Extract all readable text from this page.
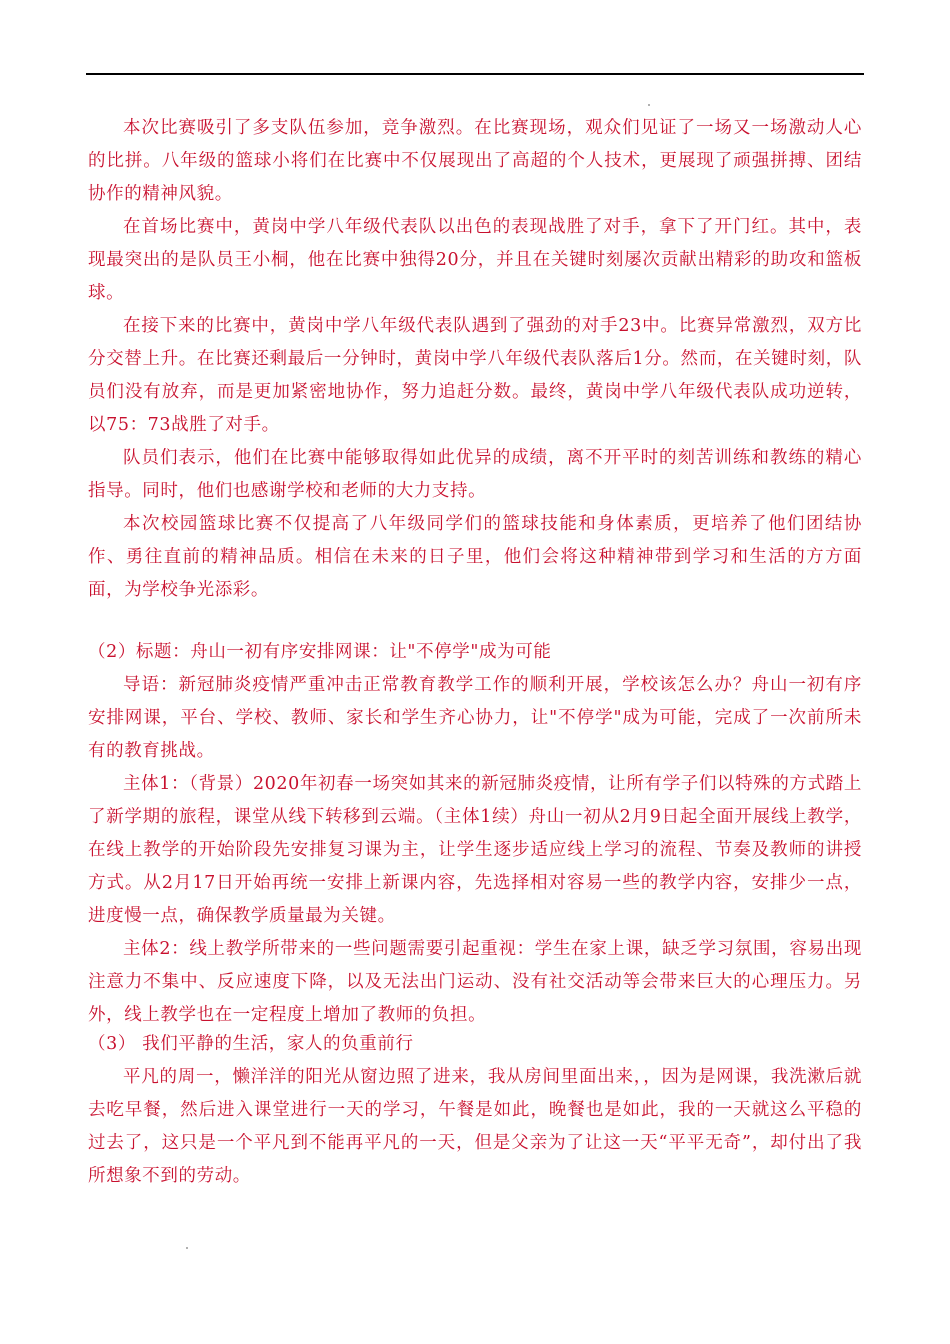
本次比赛吸引了多支队伍参加，竞争激烈。在比赛现场，观众们见证了一场又一场激动人心的比拼。八年级的篮球小将们在比赛中不仅展现出了高超的个人技术，更展现了顽强拼搏、团结协作的精神风貌。

在首场比赛中，黄岗中学八年级代表队以出色的表现战胜了对手，拿下了开门红。其中，表现最突出的是队员王小桐，他在比赛中独得20分，并且在关键时刻屡次贡献出精彩的助攻和篮板球。

在接下来的比赛中，黄岗中学八年级代表队遇到了强劲的对手23中。比赛异常激烈，双方比分交替上升。在比赛还剩最后一分钟时，黄岗中学八年级代表队落后1分。然而，在关键时刻，队员们没有放弃，而是更加紧密地协作，努力追赶分数。最终，黄岗中学八年级代表队成功逆转，以75：73战胜了对手。

队员们表示，他们在比赛中能够取得如此优异的成绩，离不开平时的刻苦训练和教练的精心指导。同时，他们也感谢学校和老师的大力支持。

本次校园篮球比赛不仅提高了八年级同学们的篮球技能和身体素质，更培养了他们团结协作、勇往直前的精神品质。相信在未来的日子里，他们会将这种精神带到学习和生活的方方面面，为学校争光添彩。

（2）标题：舟山一初有序安排网课：让"不停学"成为可能

导语：新冠肺炎疫情严重冲击正常教育教学工作的顺利开展，学校该怎么办？舟山一初有序安排网课，平台、学校、教师、家长和学生齐心协力，让"不停学"成为可能，完成了一次前所未有的教育挑战。

主体1：（背景）2020年初春一场突如其来的新冠肺炎疫情，让所有学子们以特殊的方式踏上了新学期的旅程，课堂从线下转移到云端。（主体1续）舟山一初从2月9日起全面开展线上教学，在线上教学的开始阶段先安排复习课为主，让学生逐步适应线上学习的流程、节奏及教师的讲授方式。从2月17日开始再统一安排上新课内容，先选择相对容易一些的教学内容，安排少一点，进度慢一点，确保教学质量最为关键。

主体2：线上教学所带来的一些问题需要引起重视：学生在家上课，缺乏学习氛围，容易出现注意力不集中、反应速度下降，以及无法出门运动、没有社交活动等会带来巨大的心理压力。另外，线上教学也在一定程度上增加了教师的负担。

（3） 我们平静的生活，家人的负重前行

平凡的周一，懒洋洋的阳光从窗边照了进来，我从房间里面出来，，因为是网课，我洗漱后就去吃早餐，然后进入课堂进行一天的学习，午餐是如此，晚餐也是如此，我的一天就这么平稳的过去了，这只是一个平凡到不能再平凡的一天，但是父亲为了让这一天“平平无奇”，却付出了我所想象不到的劳动。
